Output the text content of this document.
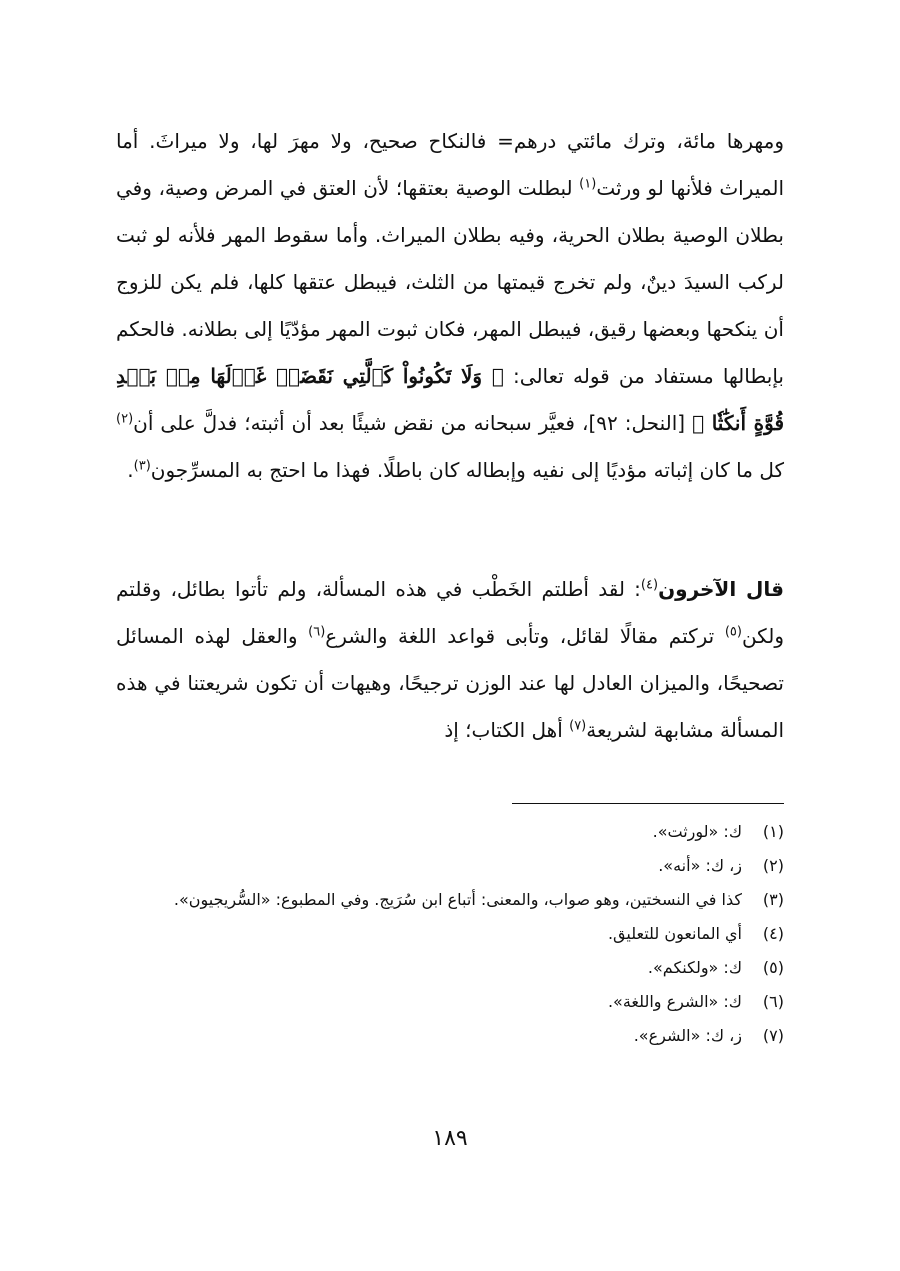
ومهرها مائة، وترك مائتي درهم= فالنكاح صحيح، ولا مهرَ لها، ولا ميراثَ. أما الميراث فلأنها لو ورثت$^{(١)}$ لبطلت الوصية بعتقها؛ لأن العتق في المرض وصية، وفي بطلان الوصية بطلان الحرية، وفيه بطلان الميراث. وأما سقوط المهر فلأنه لو ثبت لركب السيدَ دينٌ، ولم تخرج قيمتها من الثلث، فيبطل عتقها كلها، فلم يكن للزوج أن ينكحها وبعضها رقيق، فيبطل المهر، فكان ثبوت المهر مؤدّيًا إلى بطلانه. فالحكم بإبطالها مستفاد من قوله تعالى: ﴿ وَلَا تَكُونُواْ كَٱلَّتِي نَقَضَتۡ غَزۡلَهَا مِنۢ بَعۡدِ قُوَّةٍ أَنكَٰثٗا ﴾ [النحل: ٩٢]، فعيَّر سبحانه من نقض شيئًا بعد أن أثبته؛ فدلَّ على أن$^{(٢)}$ كل ما كان إثباته مؤديًا إلى نفيه وإبطاله كان باطلًا. فهذا ما احتج به المسرِّجون$^{(٣)}$.

قال الآخرون$^{(٤)}$: لقد أطلتم الخَطْب في هذه المسألة، ولم تأتوا بطائل، وقلتم ولكن$^{(٥)}$ تركتم مقالًا لقائل، وتأبى قواعد اللغة والشرع$^{(٦)}$ والعقل لهذه المسائل تصحيحًا، والميزان العادل لها عند الوزن ترجيحًا، وهيهات أن تكون شريعتنا في هذه المسألة مشابهة لشريعة$^{(٧)}$ أهل الكتاب؛ إذ

(١)
ك: «لورثت».
(٢)
ز، ك: «أنه».
(٣)
كذا في النسختين، وهو صواب، والمعنى: أتباع ابن سُرَيج. وفي المطبوع: «السُّريجيون».
(٤)
أي المانعون للتعليق.
(٥)
ك: «ولكنكم».
(٦)
ك: «الشرع واللغة».
(٧)
ز، ك: «الشرع».
١٨٩
